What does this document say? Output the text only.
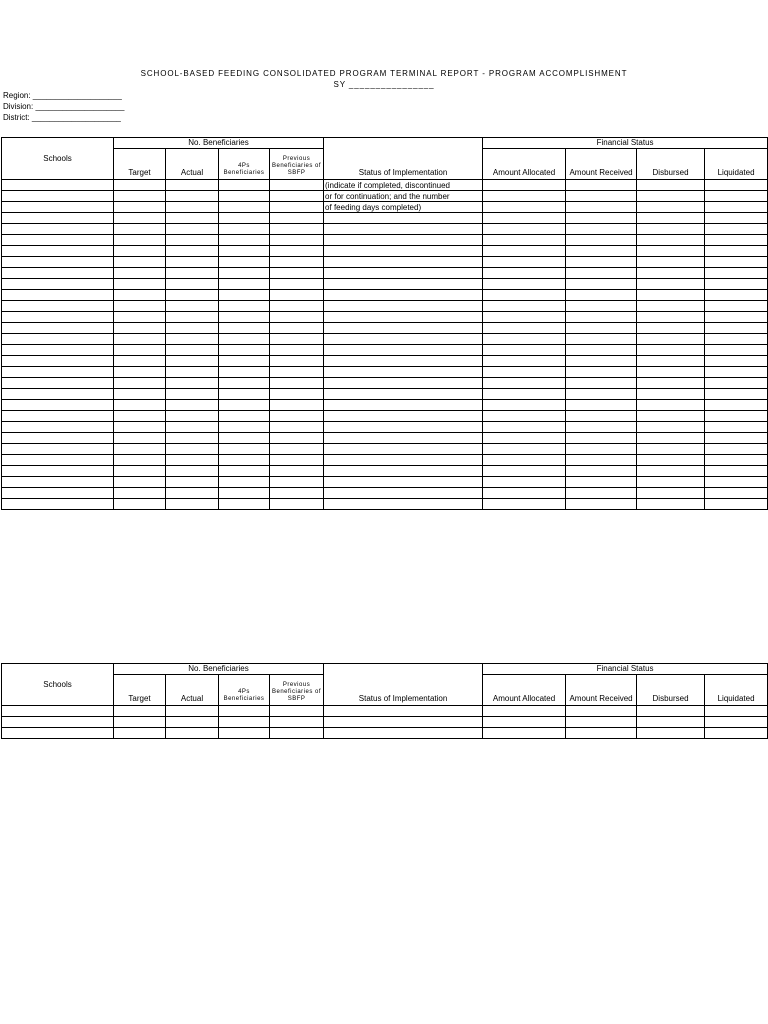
SCHOOL-BASED FEEDING CONSOLIDATED PROGRAM TERMINAL REPORT - PROGRAM ACCOMPLISHMENT
SY ________________
Region: ____________________
Division: ____________________
District: ____________________
Schools	No. Beneficiaries				Status of Implementation	Financial Status			
	Target	Actual	4Ps Beneficiaries	Previous Beneficiaries of SBFP		Amount Allocated	Amount Received	Disbursed	Liquidated
					(indicate if completed, discontinued				
					or for continuation; and the number				
					of feeding days completed)				

Schools	No. Beneficiaries				Status of Implementation	Financial Status			
	Target	Actual	4Ps Beneficiaries	Previous Beneficiaries of SBFP		Amount Allocated	Amount Received	Disbursed	Liquidated
